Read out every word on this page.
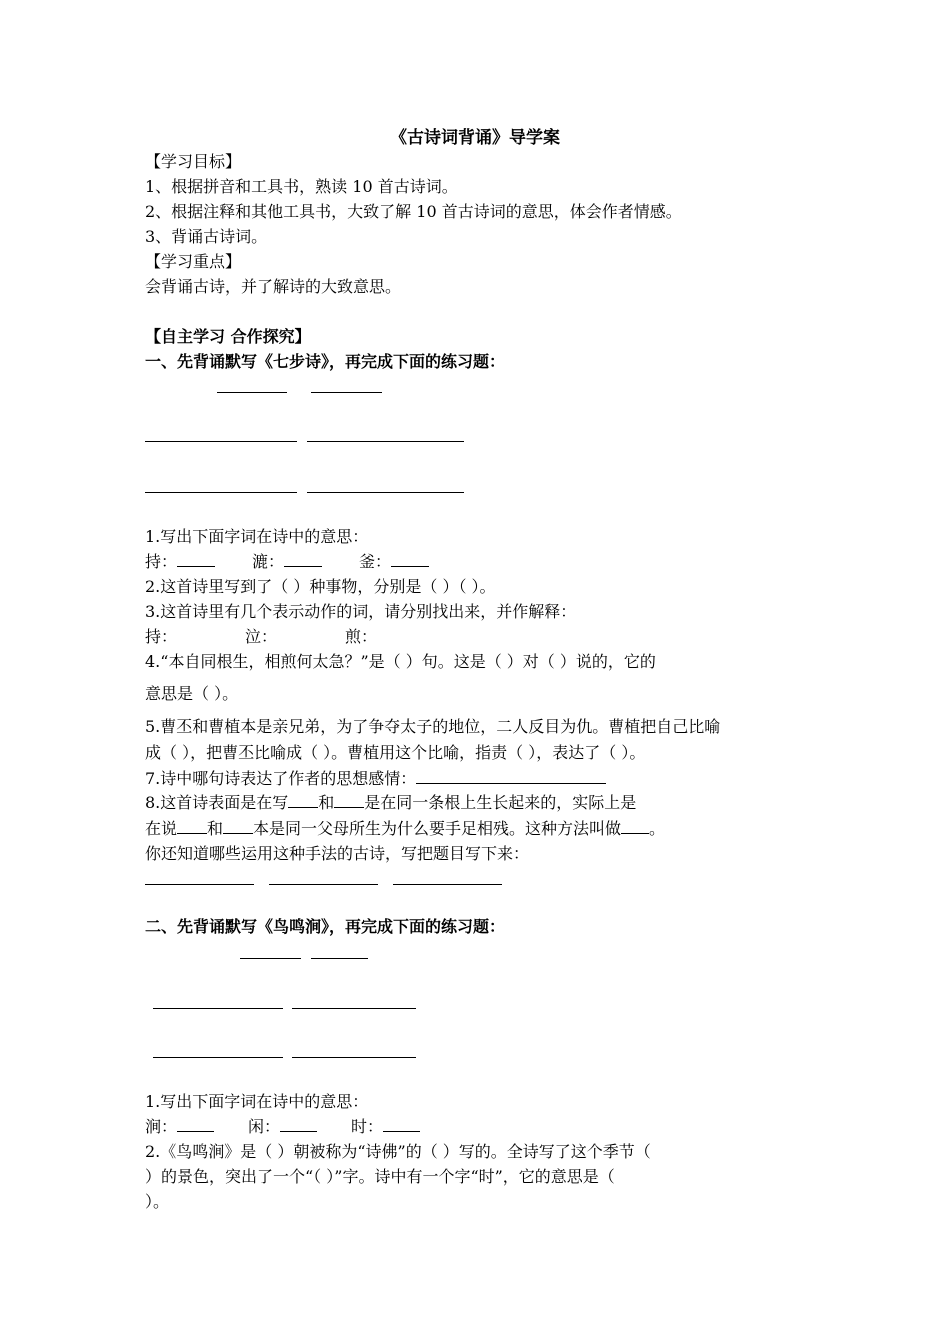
《古诗词背诵》导学案
【学习目标】
1、根据拼音和工具书，熟读 10 首古诗词。
2、根据注释和其他工具书，大致了解 10 首古诗词的意思，体会作者情感。
3、背诵古诗词。
【学习重点】
会背诵古诗，并了解诗的大致意思。
【自主学习 合作探究】
一、先背诵默写《七步诗》，再完成下面的练习题：
1.写出下面字词在诗中的意思：
持：	漉：	釜：
2.这首诗里写到了（ ）种事物，分别是（ ）（ ）。
3.这首诗里有几个表示动作的词，请分别找出来，并作解释：
持：	泣：	煎：
4.“本自同根生，相煎何太急？”是（ ）句。这是（ ）对（ ）说的，它的
意思是（ ）。
5.曹丕和曹植本是亲兄弟，为了争夺太子的地位，二人反目为仇。曹植把自己比喻
成（ ），把曹丕比喻成（ ）。曹植用这个比喻，指责（ ），表达了（ ）。
7.诗中哪句诗表达了作者的思想感情：
8.这首诗表面是在写 和 是在同一条根上生长起来的，实际上是
在说 和 本是同一父母所生为什么要手足相残。这种方法叫做 。
你还知道哪些运用这种手法的古诗，写把题目写下来：
二、先背诵默写《鸟鸣涧》，再完成下面的练习题：
1.写出下面字词在诗中的意思：
涧：	闲：	时：
2.《鸟鸣涧》是（ ）朝被称为“诗佛”的（ ）写的。全诗写了这个季节（
）的景色，突出了一个“（ ）”字。诗中有一个字“时”，它的意思是（
）。
